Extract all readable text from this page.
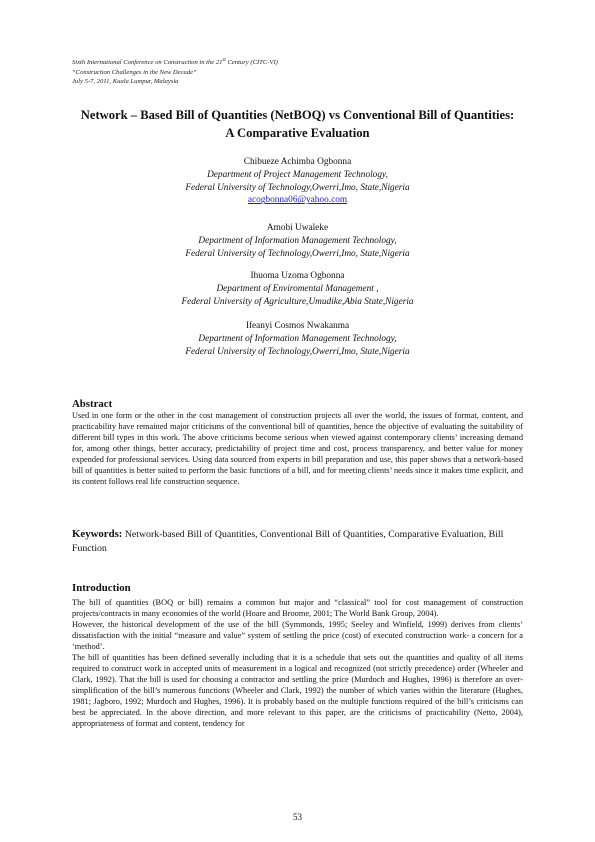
Sixth International Conference on Construction in the 21st Century (CITC-VI)
“Construction Challenges in the New Decade”
July 5-7, 2011, Kuala Lumpur, Malaysia
Network – Based Bill of Quantities (NetBOQ) vs Conventional Bill of Quantities: A Comparative Evaluation
Chibueze Achimba Ogbonna
Department of Project Management Technology,
Federal University of Technology,Owerri,Imo, State,Nigeria
acogbonna06@yahoo.com
Amobi Uwaleke
Department of Information Management Technology,
Federal University of Technology,Owerri,Imo, State,Nigeria
Ihuoma Uzoma Ogbonna
Department of Enviromental Management ,
Federal University of Agriculture,Umudike,Abia State,Nigeria
Ifeanyi Cosmos Nwakanma
Department of Information Management Technology,
Federal University of Technology,Owerri,Imo, State,Nigeria
Abstract
Used in one form or the other in the cost management of construction projects all over the world, the issues of format, content, and practicability have remained major criticisms of the conventional bill of quantities, hence the objective of evaluating the suitability of different bill types in this work. The above criticisms become serious when viewed against contemporary clients’ increasing demand for, among other things, better accuracy, predictability of project time and cost, process transparency, and better value for money expended for professional services. Using data sourced from experts in bill preparation and use, this paper shows that a network-based bill of quantities is better suited to perform the basic functions of a bill, and for meeting clients’ needs since it makes time explicit, and its content follows real life construction sequence.
Keywords: Network-based Bill of Quantities, Conventional Bill of Quantities, Comparative Evaluation, Bill Function
Introduction

The bill of quantities (BOQ or bill) remains a common but major and “classical” tool for cost management of construction projects/contracts in many economies of the world (Hoare and Broome, 2001; The World Bank Group, 2004).

However, the historical development of the use of the bill (Symmonds, 1995; Seeley and Winfield, 1999) derives from clients’ dissatisfaction with the initial “measure and value” system of settling the price (cost) of executed construction work- a concern for a ‘method’.

The bill of quantities has been defined severally including that it is a schedule that sets out the quantities and quality of all items required to construct work in accepted units of measurement in a logical and recognized (not strictly precedence) order (Wheeler and Clark, 1992). That the bill is used for choosing a contractor and settling the price (Murdoch and Hughes, 1996) is therefore an over-simplification of the bill’s numerous functions (Wheeler and Clark, 1992) the number of which varies within the literature (Hughes, 1981; Jagboro, 1992; Murdoch and Hughes, 1996). It is probably based on the multiple functions required of the bill’s criticisms can best be appreciated. In the above direction, and more relevant to this paper, are the criticisms of practicability (Netto, 2004), appropriateness of format and content, tendency for

53
